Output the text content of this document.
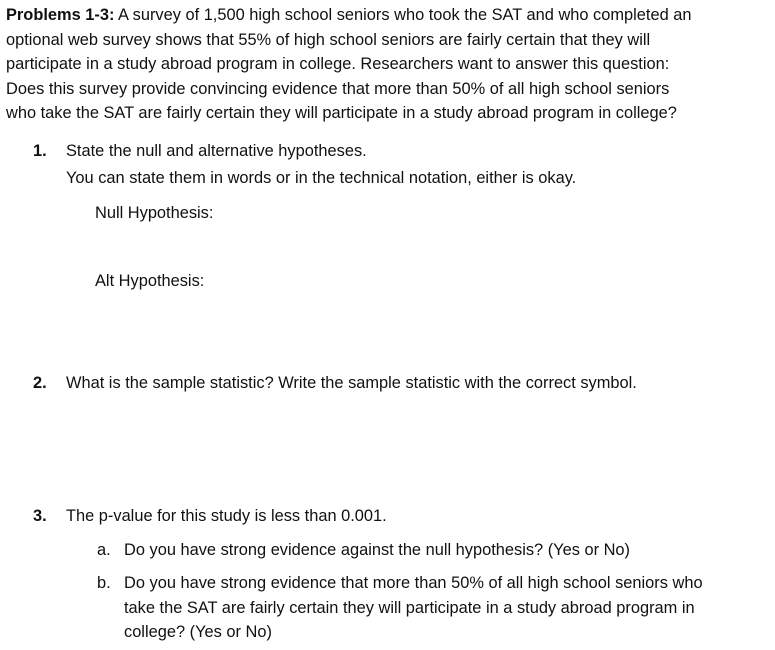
Problems 1-3: A survey of 1,500 high school seniors who took the SAT and who completed an
optional web survey shows that 55% of high school seniors are fairly certain that they will
participate in a study abroad program in college. Researchers want to answer this question:
Does this survey provide convincing evidence that more than 50% of all high school seniors
who take the SAT are fairly certain they will participate in a study abroad program in college?

1. State the null and alternative hypotheses.
You can state them in words or in the technical notation, either is okay.
Null Hypothesis:
Alt Hypothesis:
2. What is the sample statistic? Write the sample statistic with the correct symbol.
3. The p-value for this study is less than 0.001.
a. Do you have strong evidence against the null hypothesis? (Yes or No)
b. Do you have strong evidence that more than 50% of all high school seniors who
take the SAT are fairly certain they will participate in a study abroad program in
college? (Yes or No)
